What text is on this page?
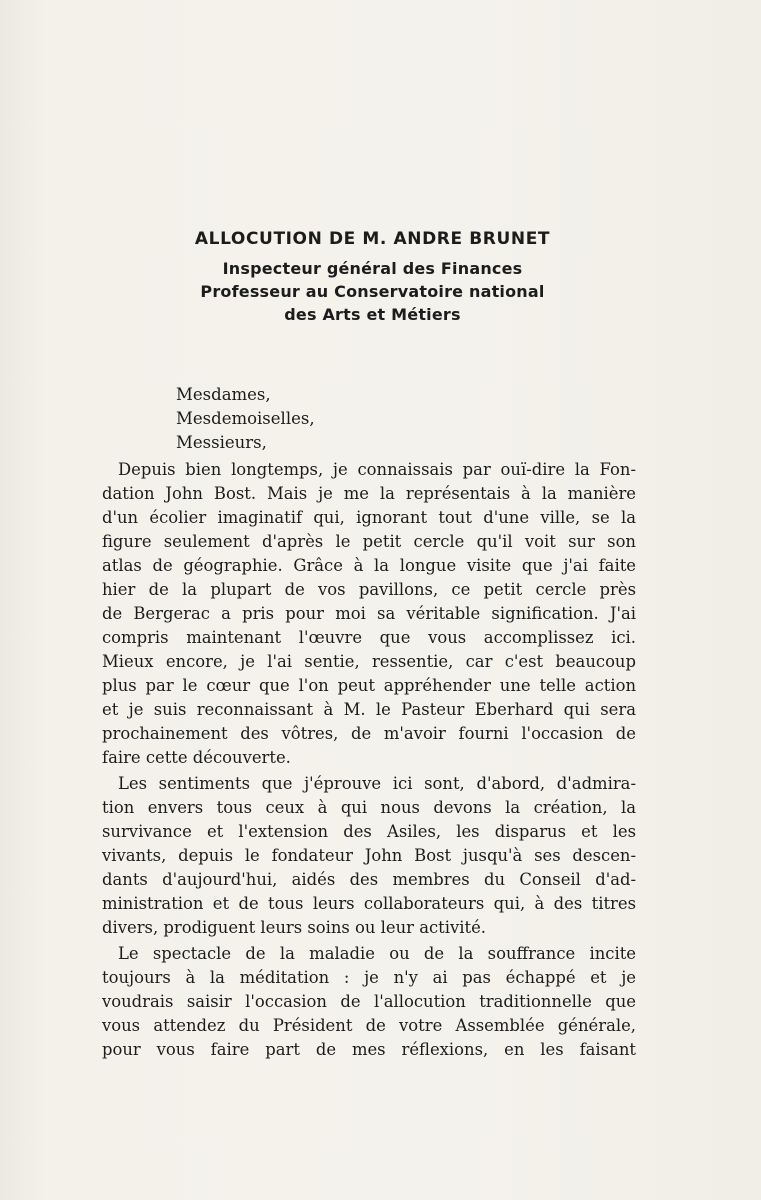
ALLOCUTION DE M. ANDRE BRUNET
Inspecteur général des Finances
Professeur au Conservatoire national
des Arts et Métiers
Mesdames,
Mesdemoiselles,
Messieurs,
Depuis bien longtemps, je connaissais par ouï-dire la Fon-
dation John Bost. Mais je me la représentais à la manière
d'un écolier imaginatif qui, ignorant tout d'une ville, se la
figure seulement d'après le petit cercle qu'il voit sur son
atlas de géographie. Grâce à la longue visite que j'ai faite
hier de la plupart de vos pavillons, ce petit cercle près
de Bergerac a pris pour moi sa véritable signification. J'ai
compris maintenant l'œuvre que vous accomplissez ici.
Mieux encore, je l'ai sentie, ressentie, car c'est beaucoup
plus par le cœur que l'on peut appréhender une telle action
et je suis reconnaissant à M. le Pasteur Eberhard qui sera
prochainement des vôtres, de m'avoir fourni l'occasion de
faire cette découverte.
Les sentiments que j'éprouve ici sont, d'abord, d'admira-
tion envers tous ceux à qui nous devons la création, la
survivance et l'extension des Asiles, les disparus et les
vivants, depuis le fondateur John Bost jusqu'à ses descen-
dants d'aujourd'hui, aidés des membres du Conseil d'ad-
ministration et de tous leurs collaborateurs qui, à des titres
divers, prodiguent leurs soins ou leur activité.
Le spectacle de la maladie ou de la souffrance incite
toujours à la méditation : je n'y ai pas échappé et je
voudrais saisir l'occasion de l'allocution traditionnelle que
vous attendez du Président de votre Assemblée générale,
pour vous faire part de mes réflexions, en les faisant
